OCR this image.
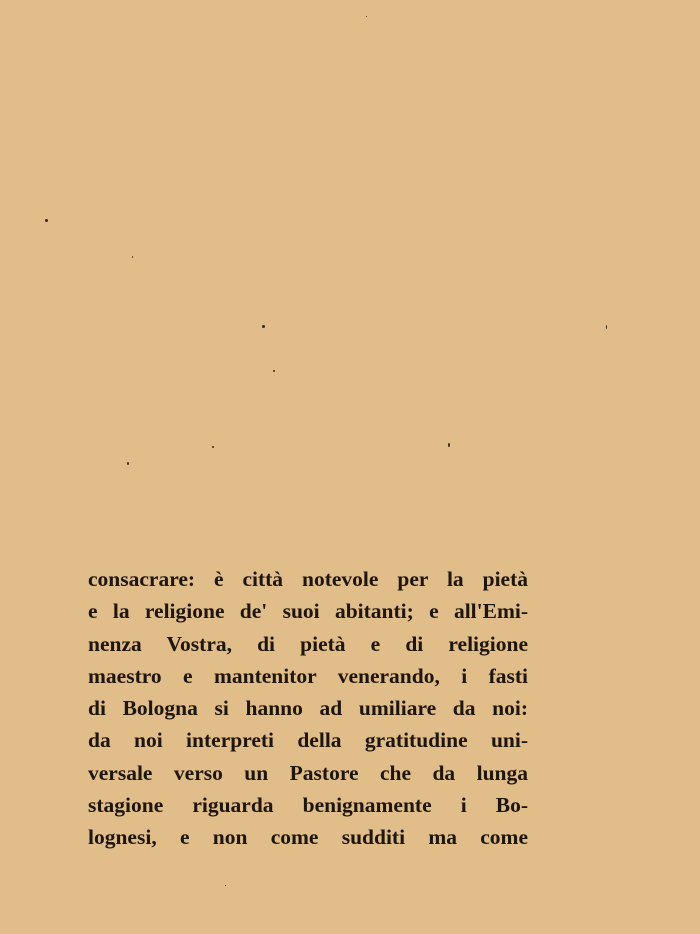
consacrare: è città notevole per la pietà
e la religione de' suoi abitanti; e all'Emi-
nenza Vostra, di pietà e di religione
maestro e mantenitor venerando, i fasti
di Bologna si hanno ad umiliare da noi:
da noi interpreti della gratitudine uni-
versale verso un Pastore che da lunga
stagione riguarda benignamente i Bo-
lognesi, e non come sudditi ma come
